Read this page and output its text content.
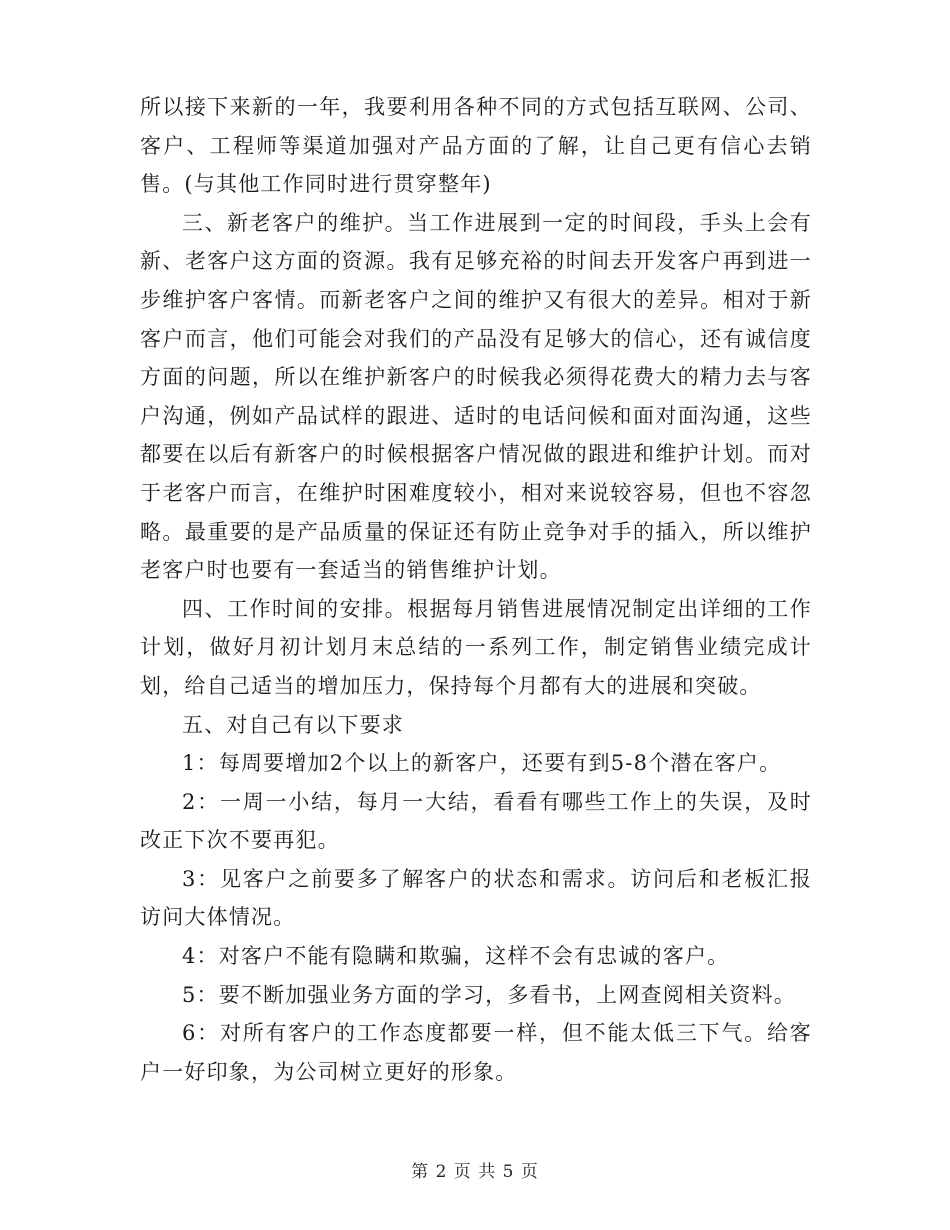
所以接下来新的一年，我要利用各种不同的方式包括互联网、公司、客户、工程师等渠道加强对产品方面的了解，让自己更有信心去销售。(与其他工作同时进行贯穿整年)

三、新老客户的维护。当工作进展到一定的时间段，手头上会有新、老客户这方面的资源。我有足够充裕的时间去开发客户再到进一步维护客户客情。而新老客户之间的维护又有很大的差异。相对于新客户而言，他们可能会对我们的产品没有足够大的信心，还有诚信度方面的问题，所以在维护新客户的时候我必须得花费大的精力去与客户沟通，例如产品试样的跟进、适时的电话问候和面对面沟通，这些都要在以后有新客户的时候根据客户情况做的跟进和维护计划。而对于老客户而言，在维护时困难度较小，相对来说较容易，但也不容忽略。最重要的是产品质量的保证还有防止竞争对手的插入，所以维护老客户时也要有一套适当的销售维护计划。

四、工作时间的安排。根据每月销售进展情况制定出详细的工作计划，做好月初计划月末总结的一系列工作，制定销售业绩完成计划，给自己适当的增加压力，保持每个月都有大的进展和突破。

五、对自己有以下要求

1：每周要增加2个以上的新客户，还要有到5-8个潜在客户。

2：一周一小结，每月一大结，看看有哪些工作上的失误，及时改正下次不要再犯。

3：见客户之前要多了解客户的状态和需求。访问后和老板汇报访问大体情况。

4：对客户不能有隐瞒和欺骗，这样不会有忠诚的客户。

5：要不断加强业务方面的学习，多看书，上网查阅相关资料。

6：对所有客户的工作态度都要一样，但不能太低三下气。给客户一好印象，为公司树立更好的形象。

第 2 页 共 5 页
